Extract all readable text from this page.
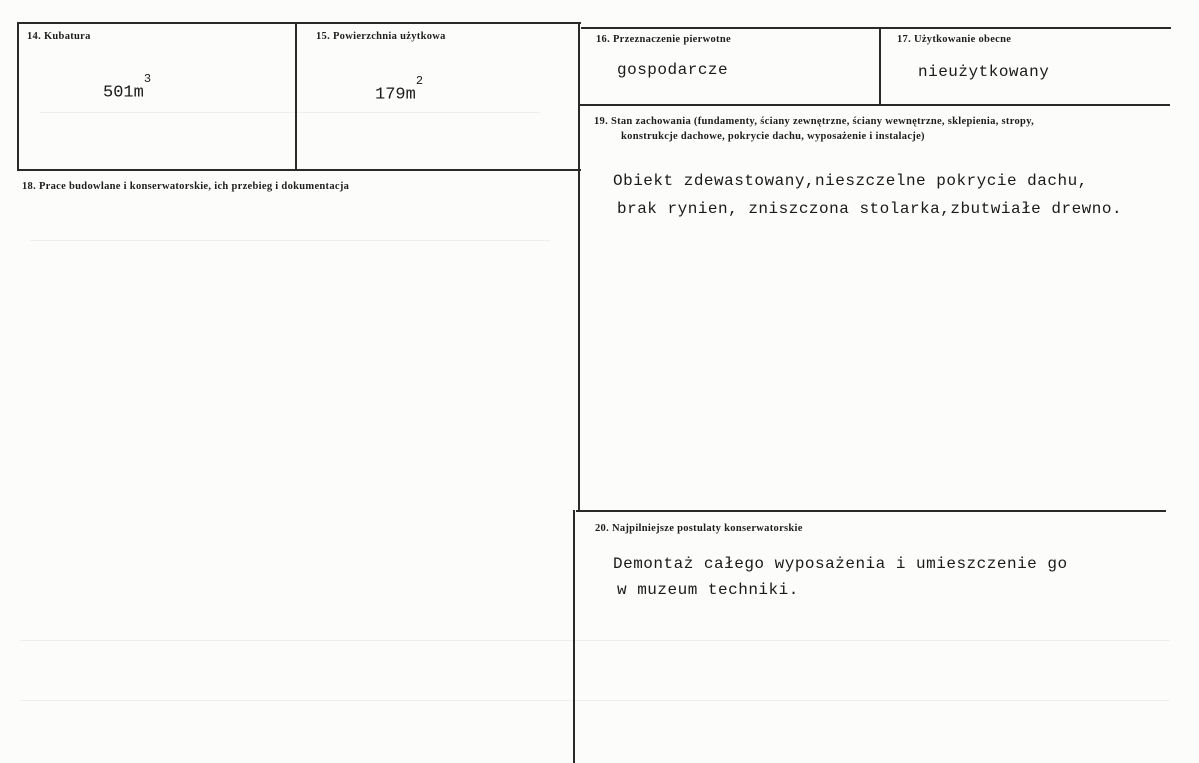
14. Kubatura
$501m^3$
15. Powierzchnia użytkowa
$179m^2$
16. Przeznaczenie pierwotne
gospodarcze
17. Użytkowanie obecne
nieużytkowany
18. Prace budowlane i konserwatorskie, ich przebieg i dokumentacja
19. Stan zachowania (fundamenty, ściany zewnętrzne, ściany wewnętrzne, sklepienia, stropy,
konstrukcje dachowe, pokrycie dachu, wyposażenie i instalacje)
Obiekt zdewastowany,nieszczelne pokrycie dachu,
brak rynien, zniszczona stolarka,zbutwiałe drewno.
20. Najpilniejsze postulaty konserwatorskie
Demontaż całego wyposażenia i umieszczenie go
w muzeum techniki.
